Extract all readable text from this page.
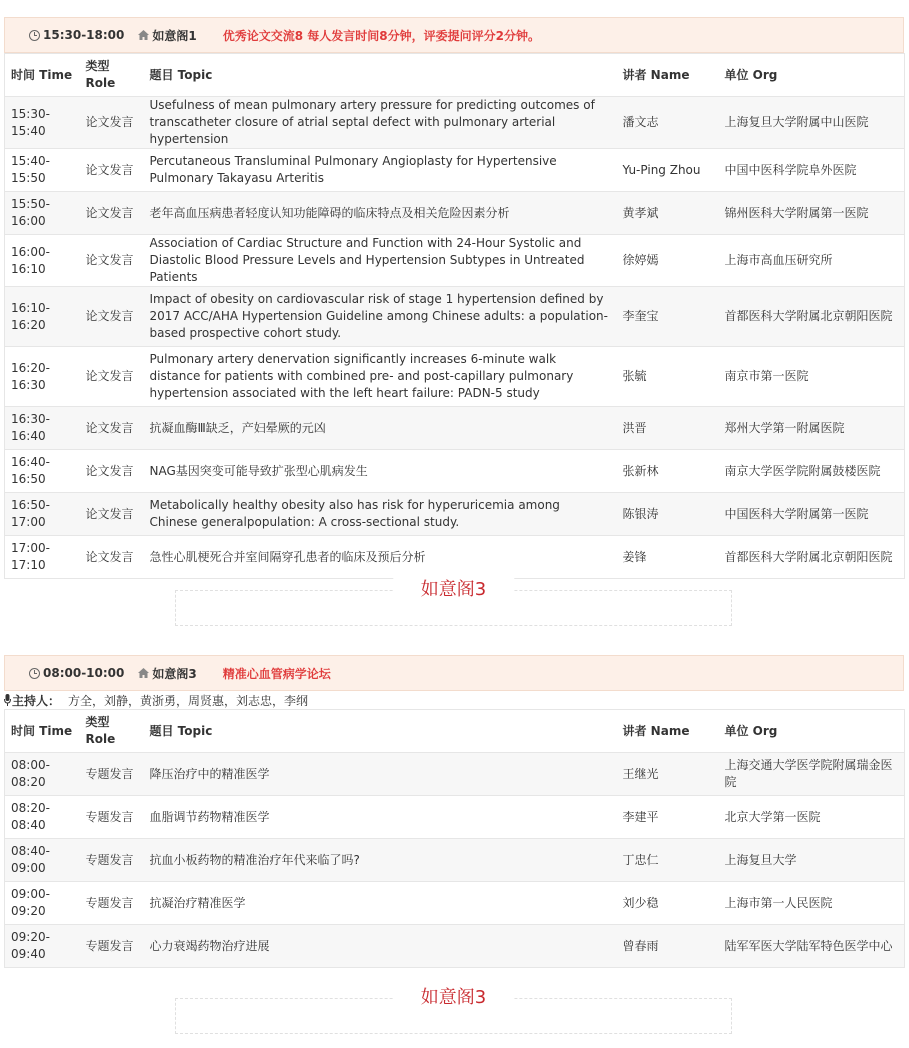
15:30-18:00 如意阁1 优秀论文交流8 每人发言时间8分钟，评委提问评分2分钟。
时间 Time	类型 Role	题目 Topic	讲者 Name	单位 Org
15:30-15:40	论文发言	Usefulness of mean pulmonary artery pressure for predicting outcomes of transcatheter closure of atrial septal defect with pulmonary arterial hypertension	潘文志	上海复旦大学附属中山医院
15:40-15:50	论文发言	Percutaneous Transluminal Pulmonary Angioplasty for Hypertensive Pulmonary Takayasu Arteritis	Yu-Ping Zhou	中国中医科学院阜外医院
15:50-16:00	论文发言	老年高血压病患者轻度认知功能障碍的临床特点及相关危险因素分析	黄孝斌	锦州医科大学附属第一医院
16:00-16:10	论文发言	Association of Cardiac Structure and Function with 24-Hour Systolic and Diastolic Blood Pressure Levels and Hypertension Subtypes in Untreated Patients	徐婷嫣	上海市高血压研究所
16:10-16:20	论文发言	Impact of obesity on cardiovascular risk of stage 1 hypertension defined by 2017 ACC/AHA Hypertension Guideline among Chinese adults: a population-based prospective cohort study.	李奎宝	首都医科大学附属北京朝阳医院
16:20-16:30	论文发言	Pulmonary artery denervation significantly increases 6-minute walk distance for patients with combined pre- and post-capillary pulmonary hypertension associated with the left heart failure: PADN-5 study	张毓	南京市第一医院
16:30-16:40	论文发言	抗凝血酶Ⅲ缺乏，产妇晕厥的元凶	洪晋	郑州大学第一附属医院
16:40-16:50	论文发言	NAG基因突变可能导致扩张型心肌病发生	张新林	南京大学医学院附属鼓楼医院
16:50-17:00	论文发言	Metabolically healthy obesity also has risk for hyperuricemia among Chinese generalpopulation: A cross-sectional study.	陈银涛	中国医科大学附属第一医院
17:00-17:10	论文发言	急性心肌梗死合并室间隔穿孔患者的临床及预后分析	姜锋	首都医科大学附属北京朝阳医院
如意阁3
08:00-10:00 如意阁3 精准心血管病学论坛
主持人： 方全，刘静，黄浙勇，周贤惠，刘志忠，李纲
时间 Time	类型 Role	题目 Topic	讲者 Name	单位 Org
08:00-08:20	专题发言	降压治疗中的精准医学	王继光	上海交通大学医学院附属瑞金医院
08:20-08:40	专题发言	血脂调节药物精准医学	李建平	北京大学第一医院
08:40-09:00	专题发言	抗血小板药物的精准治疗年代来临了吗?	丁忠仁	上海复旦大学
09:00-09:20	专题发言	抗凝治疗精准医学	刘少稳	上海市第一人民医院
09:20-09:40	专题发言	心力衰竭药物治疗进展	曾春雨	陆军军医大学陆军特色医学中心
如意阁3
